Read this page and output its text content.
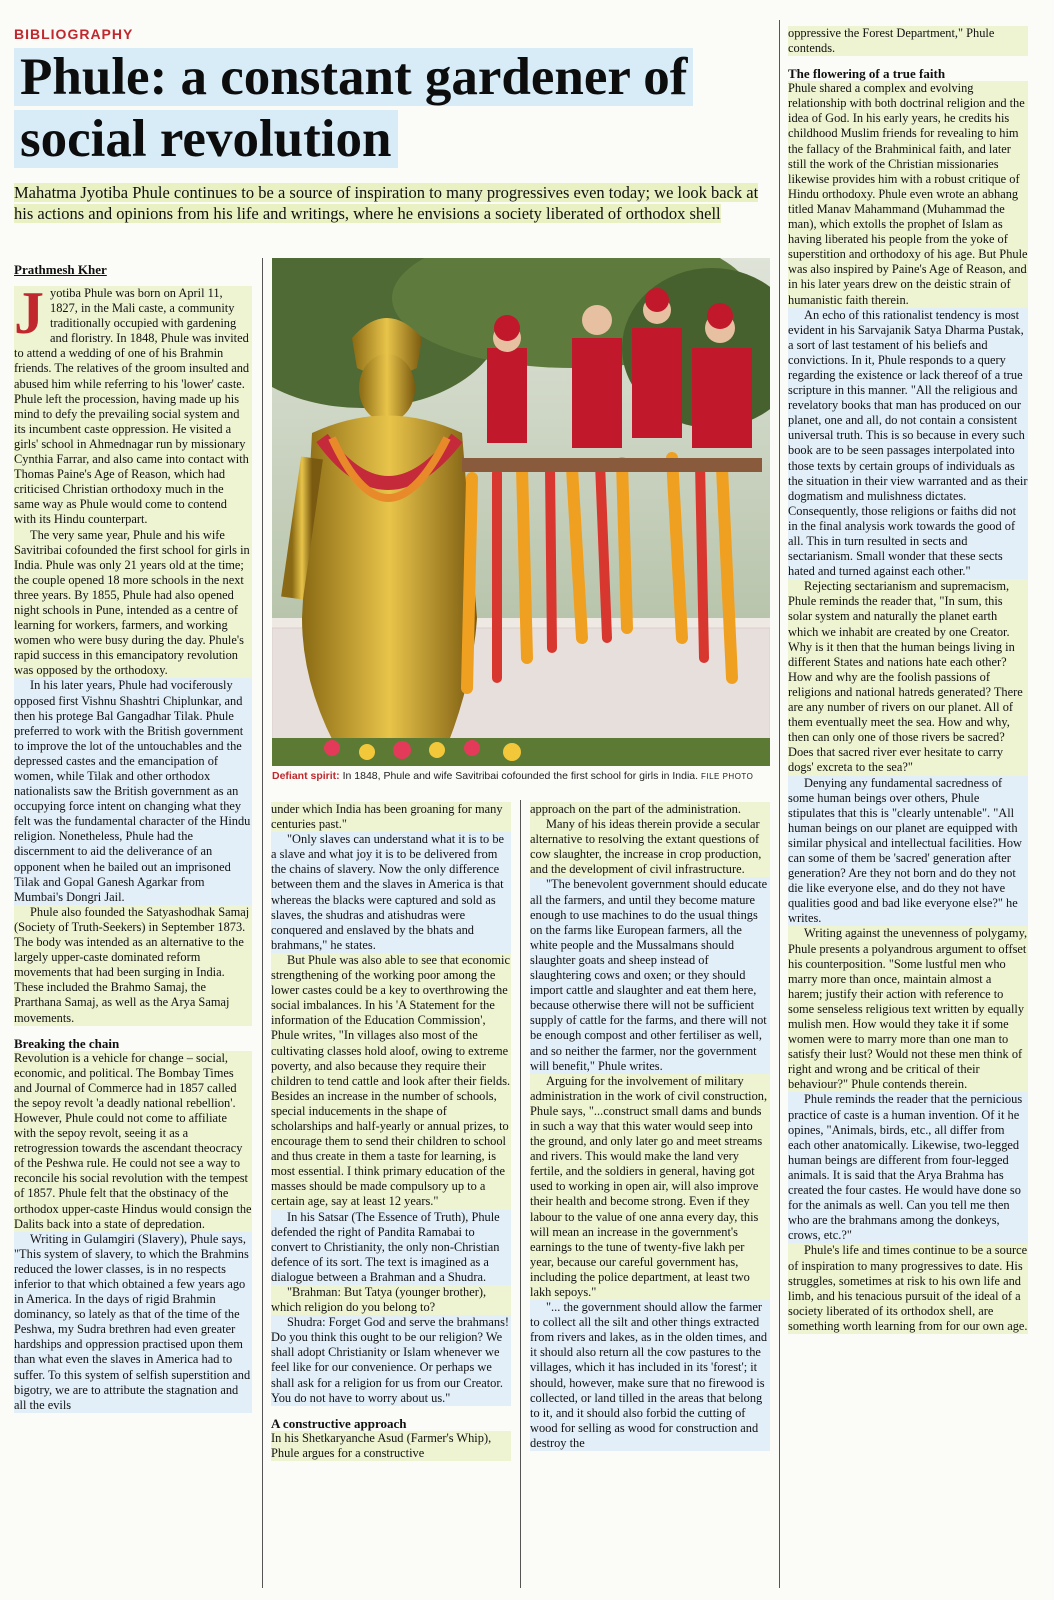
BIBLIOGRAPHY
Phule: a constant gardener of
social revolution
Mahatma Jyotiba Phule continues to be a source of inspiration to many progressives even today; we look back at his actions and opinions from his life and writings, where he envisions a society liberated of orthodox shell
Prathmesh Kher

Jyotiba Phule was born on April 11, 1827, in the Mali caste, a community traditionally occupied with gardening and floristry. In 1848, Phule was invited to attend a wedding of one of his Brahmin friends. The relatives of the groom insulted and abused him while referring to his 'lower' caste. Phule left the procession, having made up his mind to defy the prevailing social system and its incumbent caste oppression. He visited a girls' school in Ahmednagar run by missionary Cynthia Farrar, and also came into contact with Thomas Paine's Age of Reason, which had criticised Christian orthodoxy much in the same way as Phule would come to contend with its Hindu counterpart.

The very same year, Phule and his wife Savitribai cofounded the first school for girls in India. Phule was only 21 years old at the time; the couple opened 18 more schools in the next three years. By 1855, Phule had also opened night schools in Pune, intended as a centre of learning for workers, farmers, and working women who were busy during the day. Phule's rapid success in this emancipatory revolution was opposed by the orthodoxy.

In his later years, Phule had vociferously opposed first Vishnu Shashtri Chiplunkar, and then his protege Bal Gangadhar Tilak. Phule preferred to work with the British government to improve the lot of the untouchables and the depressed castes and the emancipation of women, while Tilak and other orthodox nationalists saw the British government as an occupying force intent on changing what they felt was the fundamental character of the Hindu religion. Nonetheless, Phule had the discernment to aid the deliverance of an opponent when he bailed out an imprisoned Tilak and Gopal Ganesh Agarkar from Mumbai's Dongri Jail.

Phule also founded the Satyashodhak Samaj (Society of Truth-Seekers) in September 1873. The body was intended as an alternative to the largely upper-caste dominated reform movements that had been surging in India. These included the Brahmo Samaj, the Prarthana Samaj, as well as the Arya Samaj movements.

Breaking the chain

Revolution is a vehicle for change – social, economic, and political. The Bombay Times and Journal of Commerce had in 1857 called the sepoy revolt 'a deadly national rebellion'. However, Phule could not come to affiliate with the sepoy revolt, seeing it as a retrogression towards the ascendant theocracy of the Peshwa rule. He could not see a way to reconcile his social revolution with the tempest of 1857. Phule felt that the obstinacy of the orthodox upper-caste Hindus would consign the Dalits back into a state of depredation.

Writing in Gulamgiri (Slavery), Phule says, "This system of slavery, to which the Brahmins reduced the lower classes, is in no respects inferior to that which obtained a few years ago in America. In the days of rigid Brahmin dominancy, so lately as that of the time of the Peshwa, my Sudra brethren had even greater hardships and oppression practised upon them than what even the slaves in America had to suffer. To this system of selfish superstition and bigotry, we are to attribute the stagnation and all the evils

Defiant spirit: In 1848, Phule and wife Savitribai cofounded the first school for girls in India. FILE PHOTO

under which India has been groaning for many centuries past."

"Only slaves can understand what it is to be a slave and what joy it is to be delivered from the chains of slavery. Now the only difference between them and the slaves in America is that whereas the blacks were captured and sold as slaves, the shudras and atishudras were conquered and enslaved by the bhats and brahmans," he states.

But Phule was also able to see that economic strengthening of the working poor among the lower castes could be a key to overthrowing the social imbalances. In his 'A Statement for the information of the Education Commission', Phule writes, "In villages also most of the cultivating classes hold aloof, owing to extreme poverty, and also because they require their children to tend cattle and look after their fields. Besides an increase in the number of schools, special inducements in the shape of scholarships and half-yearly or annual prizes, to encourage them to send their children to school and thus create in them a taste for learning, is most essential. I think primary education of the masses should be made compulsory up to a certain age, say at least 12 years."

In his Satsar (The Essence of Truth), Phule defended the right of Pandita Ramabai to convert to Christianity, the only non-Christian defence of its sort. The text is imagined as a dialogue between a Brahman and a Shudra.

"Brahman: But Tatya (younger brother), which religion do you belong to?

Shudra: Forget God and serve the brahmans! Do you think this ought to be our religion? We shall adopt Christianity or Islam whenever we feel like for our convenience. Or perhaps we shall ask for a religion for us from our Creator. You do not have to worry about us."

A constructive approach

In his Shetkaryanche Asud (Farmer's Whip), Phule argues for a constructive

approach on the part of the administration.

Many of his ideas therein provide a secular alternative to resolving the extant questions of cow slaughter, the increase in crop production, and the development of civil infrastructure.

"The benevolent government should educate all the farmers, and until they become mature enough to use machines to do the usual things on the farms like European farmers, all the white people and the Mussalmans should slaughter goats and sheep instead of slaughtering cows and oxen; or they should import cattle and slaughter and eat them here, because otherwise there will not be sufficient supply of cattle for the farms, and there will not be enough compost and other fertiliser as well, and so neither the farmer, nor the government will benefit," Phule writes.

Arguing for the involvement of military administration in the work of civil construction, Phule says, "...construct small dams and bunds in such a way that this water would seep into the ground, and only later go and meet streams and rivers. This would make the land very fertile, and the soldiers in general, having got used to working in open air, will also improve their health and become strong. Even if they labour to the value of one anna every day, this will mean an increase in the government's earnings to the tune of twenty-five lakh per year, because our careful government has, including the police department, at least two lakh sepoys."

"... the government should allow the farmer to collect all the silt and other things extracted from rivers and lakes, as in the olden times, and it should also return all the cow pastures to the villages, which it has included in its 'forest'; it should, however, make sure that no firewood is collected, or land tilled in the areas that belong to it, and it should also forbid the cutting of wood for selling as wood for construction and destroy the

oppressive the Forest Department," Phule contends.

The flowering of a true faith

Phule shared a complex and evolving relationship with both doctrinal religion and the idea of God. In his early years, he credits his childhood Muslim friends for revealing to him the fallacy of the Brahminical faith, and later still the work of the Christian missionaries likewise provides him with a robust critique of Hindu orthodoxy. Phule even wrote an abhang titled Manav Mahammand (Muhammad the man), which extolls the prophet of Islam as having liberated his people from the yoke of superstition and orthodoxy of his age. But Phule was also inspired by Paine's Age of Reason, and in his later years drew on the deistic strain of humanistic faith therein.

An echo of this rationalist tendency is most evident in his Sarvajanik Satya Dharma Pustak, a sort of last testament of his beliefs and convictions. In it, Phule responds to a query regarding the existence or lack thereof of a true scripture in this manner. "All the religious and revelatory books that man has produced on our planet, one and all, do not contain a consistent universal truth. This is so because in every such book are to be seen passages interpolated into those texts by certain groups of individuals as the situation in their view warranted and as their dogmatism and mulishness dictates. Consequently, those religions or faiths did not in the final analysis work towards the good of all. This in turn resulted in sects and sectarianism. Small wonder that these sects hated and turned against each other."

Rejecting sectarianism and supremacism, Phule reminds the reader that, "In sum, this solar system and naturally the planet earth which we inhabit are created by one Creator. Why is it then that the human beings living in different States and nations hate each other? How and why are the foolish passions of religions and national hatreds generated? There are any number of rivers on our planet. All of them eventually meet the sea. How and why, then can only one of those rivers be sacred? Does that sacred river ever hesitate to carry dogs' excreta to the sea?"

Denying any fundamental sacredness of some human beings over others, Phule stipulates that this is "clearly untenable". "All human beings on our planet are equipped with similar physical and intellectual facilities. How can some of them be 'sacred' generation after generation? Are they not born and do they not die like everyone else, and do they not have qualities good and bad like everyone else?" he writes.

Writing against the unevenness of polygamy, Phule presents a polyandrous argument to offset his counterposition. "Some lustful men who marry more than once, maintain almost a harem; justify their action with reference to some senseless religious text written by equally mulish men. How would they take it if some women were to marry more than one man to satisfy their lust? Would not these men think of right and wrong and be critical of their behaviour?" Phule contends therein.

Phule reminds the reader that the pernicious practice of caste is a human invention. Of it he opines, "Animals, birds, etc., all differ from each other anatomically. Likewise, two-legged human beings are different from four-legged animals. It is said that the Arya Brahma has created the four castes. He would have done so for the animals as well. Can you tell me then who are the brahmans among the donkeys, crows, etc.?"

Phule's life and times continue to be a source of inspiration to many progressives to date. His struggles, sometimes at risk to his own life and limb, and his tenacious pursuit of the ideal of a society liberated of its orthodox shell, are something worth learning from for our own age.
